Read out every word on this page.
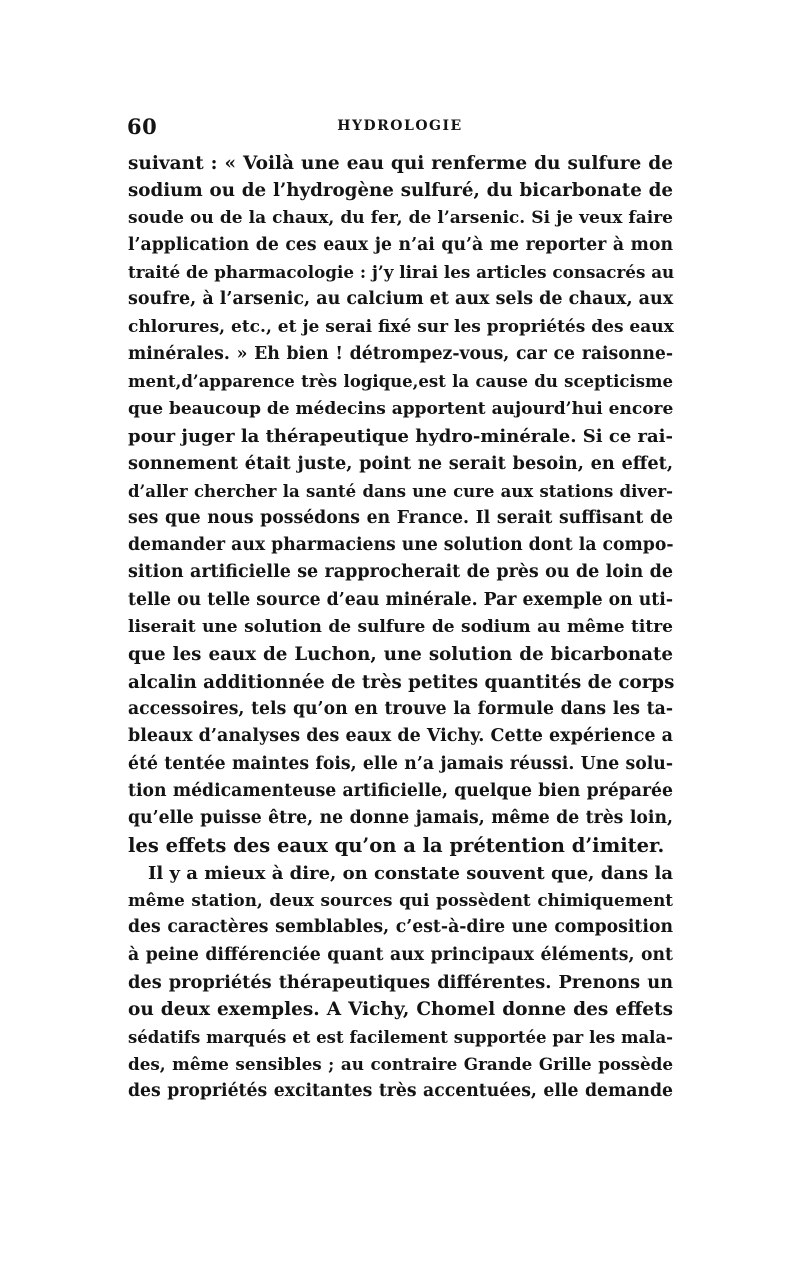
60	HYDROLOGIE
suivant : « Voilà une eau qui renferme du sulfure de
sodium ou de l’hydrogène sulfuré, du bicarbonate de
soude ou de la chaux, du fer, de l’arsenic. Si je veux faire
l’application de ces eaux je n’ai qu’à me reporter à mon
traité de pharmacologie : j’y lirai les articles consacrés au
soufre, à l’arsenic, au calcium et aux sels de chaux, aux
chlorures, etc., et je serai fixé sur les propriétés des eaux
minérales. » Eh bien ! détrompez-vous, car ce raisonne-
ment,d’apparence très logique,est la cause du scepticisme
que beaucoup de médecins apportent aujourd’hui encore
pour juger la thérapeutique hydro-minérale. Si ce rai-
sonnement était juste, point ne serait besoin, en effet,
d’aller chercher la santé dans une cure aux stations diver-
ses que nous possédons en France. Il serait suffisant de
demander aux pharmaciens une solution dont la compo-
sition artificielle se rapprocherait de près ou de loin de
telle ou telle source d’eau minérale. Par exemple on uti-
liserait une solution de sulfure de sodium au même titre
que les eaux de Luchon, une solution de bicarbonate
alcalin additionnée de très petites quantités de corps
accessoires, tels qu’on en trouve la formule dans les ta-
bleaux d’analyses des eaux de Vichy. Cette expérience a
été tentée maintes fois, elle n’a jamais réussi. Une solu-
tion médicamenteuse artificielle, quelque bien préparée
qu’elle puisse être, ne donne jamais, même de très loin,
les effets des eaux qu’on a la prétention d’imiter.
Il y a mieux à dire, on constate souvent que, dans la
même station, deux sources qui possèdent chimiquement
des caractères semblables, c’est-à-dire une composition
à peine différenciée quant aux principaux éléments, ont
des propriétés thérapeutiques différentes. Prenons un
ou deux exemples. A Vichy, Chomel donne des effets
sédatifs marqués et est facilement supportée par les mala-
des, même sensibles ; au contraire Grande Grille possède
des propriétés excitantes très accentuées, elle demande
